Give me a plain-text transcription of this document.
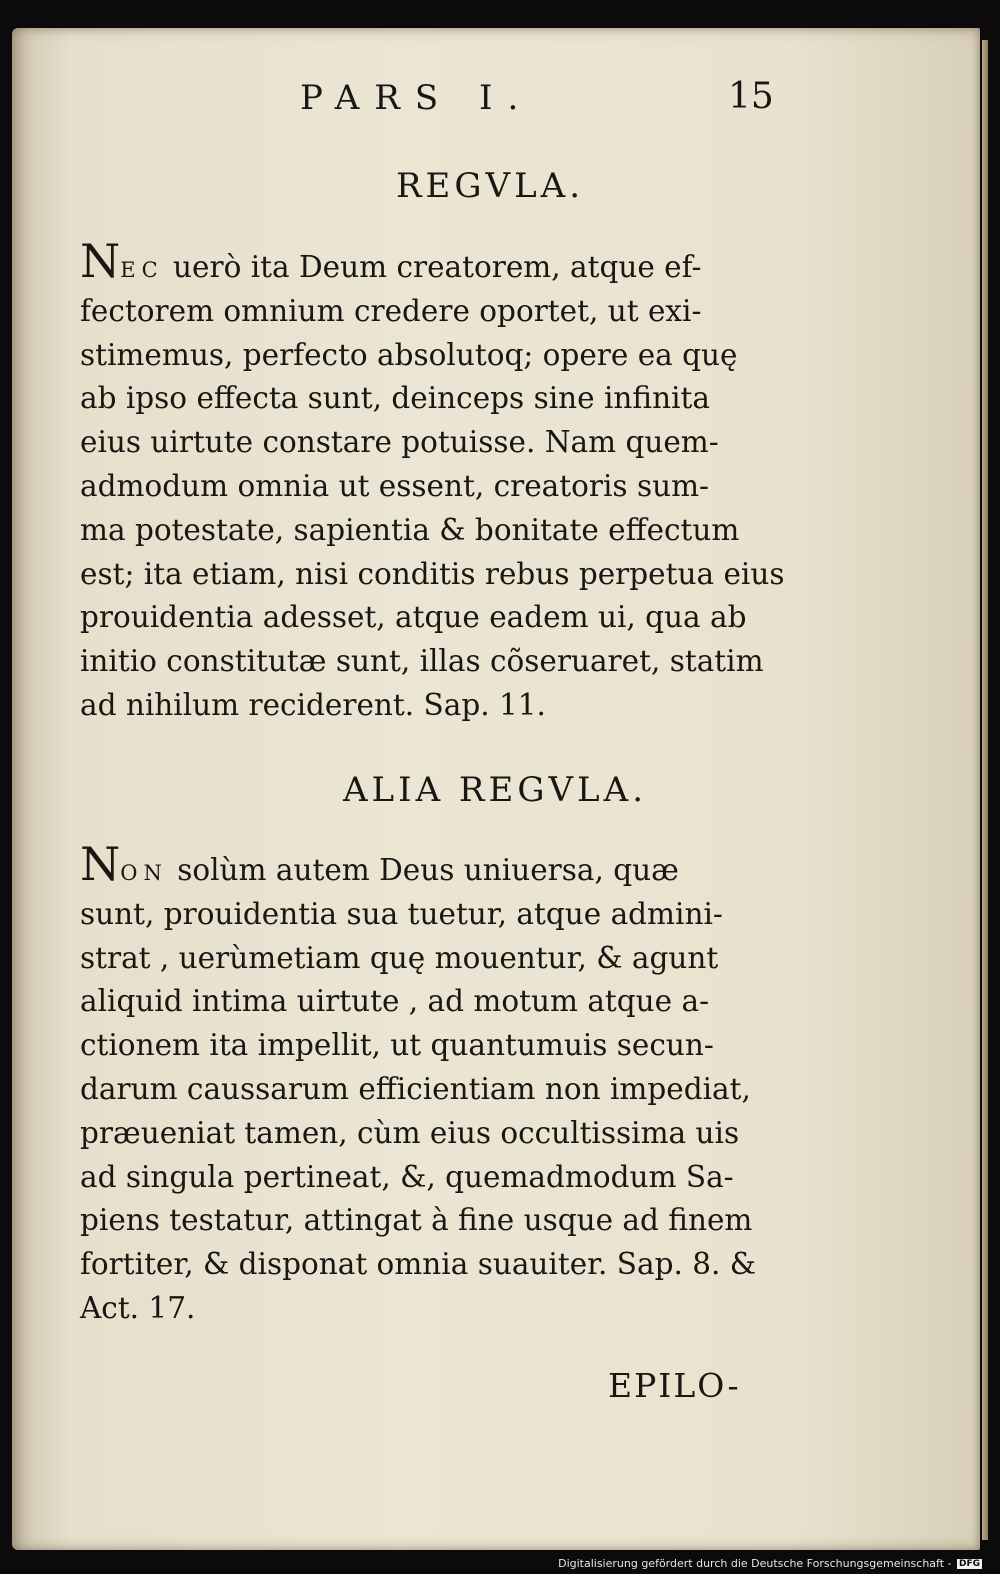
PARS I.	15
REGVLA.
NEC uerò ita Deum creatorem, atque ef-
fectorem omnium credere oportet, ut exi-
stimemus, perfecto absolutoq; opere ea quę
ab ipso effecta sunt, deinceps sine infinita
eius uirtute constare potuisse. Nam quem-
admodum omnia ut essent, creatoris sum-
ma potestate, sapientia & bonitate effectum
est; ita etiam, nisi conditis rebus perpetua eius
prouidentia adesset, atque eadem ui, qua ab
initio constitutæ sunt, illas cõseruaret, statim
ad nihilum reciderent. Sap. 11.
ALIA REGVLA.
NON solùm autem Deus uniuersa, quæ
sunt, prouidentia sua tuetur, atque admini-
strat , uerùmetiam quę mouentur, & agunt
aliquid intima uirtute , ad motum atque a-
ctionem ita impellit, ut quantumuis secun-
darum caussarum efficientiam non impediat,
præueniat tamen, cùm eius occultissima uis
ad singula pertineat, &, quemadmodum Sa-
piens testatur, attingat à fine usque ad finem
fortiter, & disponat omnia suauiter. Sap. 8. &
Act. 17.
EPILO-
Digitalisierung gefördert durch die Deutsche Forschungsgemeinschaft - DFG
